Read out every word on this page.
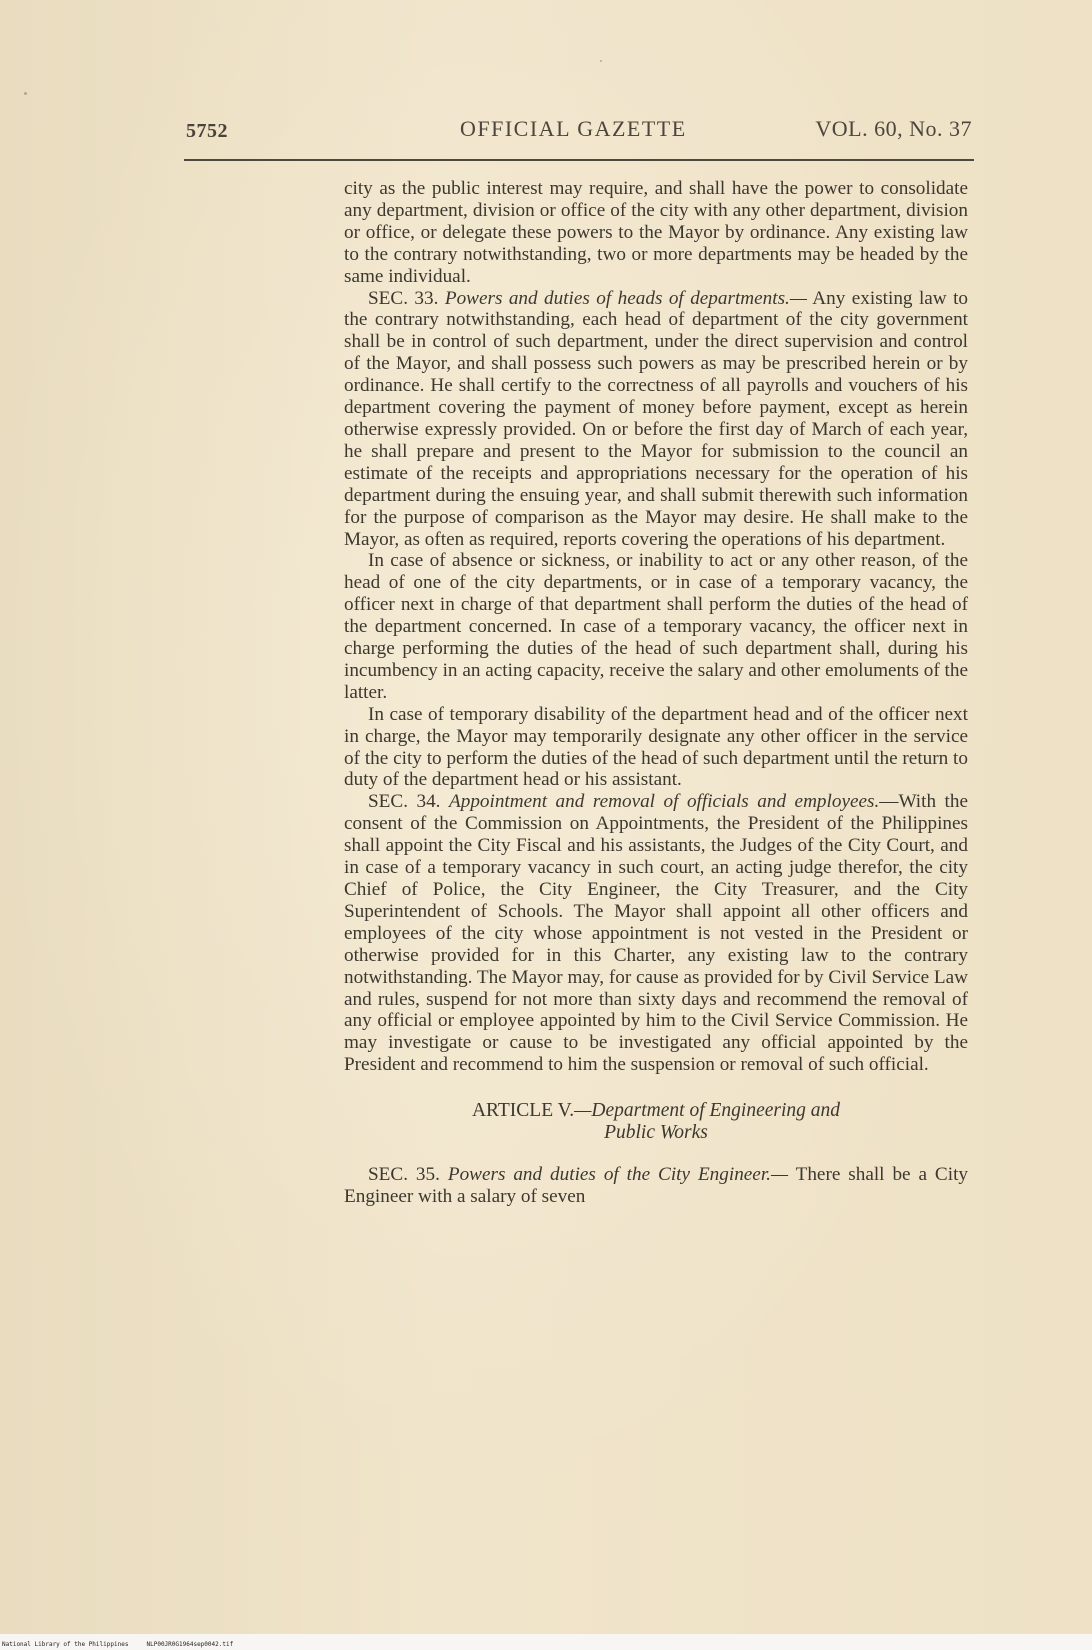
5752	OFFICIAL GAZETTE	VOL. 60, No. 37

city as the public interest may require, and shall have the power to consolidate any department, division or office of the city with any other department, division or office, or delegate these powers to the Mayor by ordinance. Any existing law to the contrary notwithstanding, two or more departments may be headed by the same individual.

SEC. 33. Powers and duties of heads of departments.— Any existing law to the contrary notwithstanding, each head of department of the city government shall be in control of such department, under the direct supervision and control of the Mayor, and shall possess such powers as may be prescribed herein or by ordinance. He shall certify to the correctness of all payrolls and vouchers of his department covering the payment of money before payment, except as herein otherwise expressly provided. On or before the first day of March of each year, he shall prepare and present to the Mayor for submission to the council an estimate of the receipts and appropriations necessary for the operation of his department during the ensuing year, and shall submit therewith such information for the purpose of comparison as the Mayor may desire. He shall make to the Mayor, as often as required, reports covering the operations of his department.

In case of absence or sickness, or inability to act or any other reason, of the head of one of the city departments, or in case of a temporary vacancy, the officer next in charge of that department shall perform the duties of the head of the department concerned. In case of a temporary vacancy, the officer next in charge performing the duties of the head of such department shall, during his incumbency in an acting capacity, receive the salary and other emoluments of the latter.

In case of temporary disability of the department head and of the officer next in charge, the Mayor may temporarily designate any other officer in the service of the city to perform the duties of the head of such department until the return to duty of the department head or his assistant.

SEC. 34. Appointment and removal of officials and employees.—With the consent of the Commission on Appointments, the President of the Philippines shall appoint the City Fiscal and his assistants, the Judges of the City Court, and in case of a temporary vacancy in such court, an acting judge therefor, the city Chief of Police, the City Engineer, the City Treasurer, and the City Superintendent of Schools. The Mayor shall appoint all other officers and employees of the city whose appointment is not vested in the President or otherwise provided for in this Charter, any existing law to the contrary notwithstanding. The Mayor may, for cause as provided for by Civil Service Law and rules, suspend for not more than sixty days and recommend the removal of any official or employee appointed by him to the Civil Service Commission. He may investigate or cause to be investigated any official appointed by the President and recommend to him the suspension or removal of such official.

ARTICLE V.—Department of Engineering and
Public Works

SEC. 35. Powers and duties of the City Engineer.— There shall be a City Engineer with a salary of seven

National Library of the Philippines	NLP00JR0G1964sep0042.tif
